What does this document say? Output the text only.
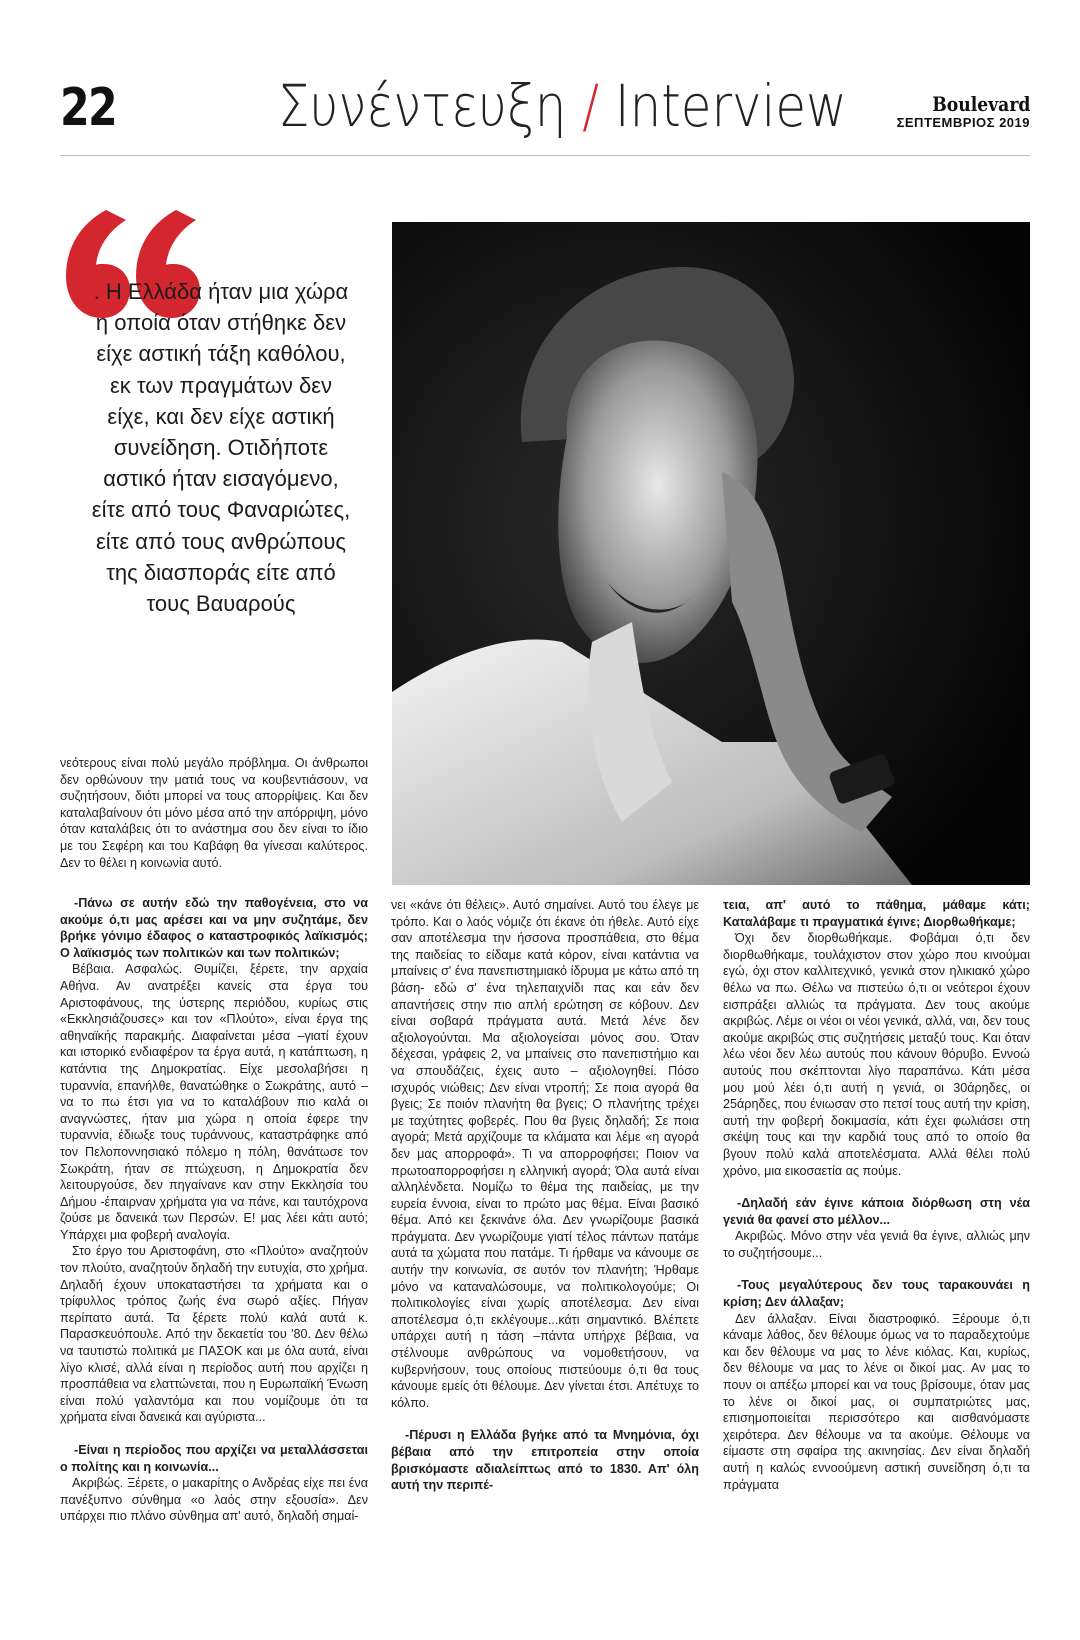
22	Συνέντευξη / Interview	Boulevard
ΣΕΠΤΕΜΒΡΙΟΣ 2019
. Η Ελλάδα ήταν μια χώρα η οποία όταν στήθηκε δεν είχε αστική τάξη καθόλου, εκ των πραγμάτων δεν είχε, και δεν είχε αστική συνείδηση. Οτιδήποτε αστικό ήταν εισαγόμενο, είτε από τους Φαναριώτες, είτε από τους ανθρώπους της διασποράς είτε από τους Βαυαρούς

νεότερους είναι πολύ μεγάλο πρόβλημα. Οι άνθρωποι δεν ορθώνουν την ματιά τους να κουβεντιάσουν, να συζητήσουν, διότι μπορεί να τους απορρίψεις. Και δεν καταλαβαίνουν ότι μόνο μέσα από την απόρριψη, μόνο όταν καταλάβεις ότι το ανάστημα σου δεν είναι το ίδιο με του Σεφέρη και του Καβάφη θα γίνεσαι καλύτερος. Δεν το θέλει η κοινωνία αυτό.

-Πάνω σε αυτήν εδώ την παθογένεια, στο να ακούμε ό,τι μας αρέσει και να μην συζητάμε, δεν βρήκε γόνιμο έδαφος ο καταστροφικός λαϊκισμός; Ο λαϊκισμός των πολιτικών και των πολιτικών;

Βέβαια. Ασφαλώς. Θυμίζει, ξέρετε, την αρχαία Αθήνα. Αν ανατρέξει κανείς στα έργα του Αριστοφάνους, της ύστερης περιόδου, κυρίως στις «Εκκλησιάζουσες» και τον «Πλούτο», είναι έργα της αθηναϊκής παρακμής. Διαφαίνεται μέσα –γιατί έχουν και ιστορικό ενδιαφέρον τα έργα αυτά, η κατάπτωση, η κατάντια της Δημοκρατίας. Είχε μεσολαβήσει η τυραννία, επανήλθε, θανατώθηκε ο Σωκράτης, αυτό –να το πω έτσι για να το καταλάβουν πιο καλά οι αναγνώστες, ήταν μια χώρα η οποία έφερε την τυραννία, έδιωξε τους τυράννους, καταστράφηκε από τον Πελοποννησιακό πόλεμο η πόλη, θανάτωσε τον Σωκράτη, ήταν σε πτώχευση, η Δημοκρατία δεν λειτουργούσε, δεν πηγαίνανε καν στην Εκκλησία του Δήμου -έπαιρναν χρήματα για να πάνε, και ταυτόχρονα ζούσε με δανεικά των Περσών. Ε! μας λέει κάτι αυτό; Υπάρχει μια φοβερή αναλογία.

Στο έργο του Αριστοφάνη, στο «Πλούτο» αναζητούν τον πλούτο, αναζητούν δηλαδή την ευτυχία, στο χρήμα. Δηλαδή έχουν υποκαταστήσει τα χρήματα και ο τρίφυλλος τρόπος ζωής ένα σωρό αξίες. Πήγαν περίπατο αυτά. Τα ξέρετε πολύ καλά αυτά κ. Παρασκευόπουλε. Από την δεκαετία του '80. Δεν θέλω να ταυτιστώ πολιτικά με ΠΑΣΟΚ και με όλα αυτά, είναι λίγο κλισέ, αλλά είναι η περίοδος αυτή που αρχίζει η προσπάθεια να ελαττώνεται, που η Ευρωπαϊκή Ένωση είναι πολύ γαλαντόμα και που νομίζουμε ότι τα χρήματα είναι δανεικά και αγύριστα...

-Είναι η περίοδος που αρχίζει να μεταλλάσσεται ο πολίτης και η κοινωνία...

Ακριβώς. Ξέρετε, ο μακαρίτης ο Ανδρέας είχε πει ένα πανέξυπνο σύνθημα «ο λαός στην εξουσία». Δεν υπάρχει πιο πλάνο σύνθημα απ' αυτό, δηλαδή σημαί-

νει «κάνε ότι θέλεις». Αυτό σημαίνει. Αυτό του έλεγε με τρόπο. Και ο λαός νόμιζε ότι έκανε ότι ήθελε. Αυτό είχε σαν αποτέλεσμα την ήσσονα προσπάθεια, στο θέμα της παιδείας το είδαμε κατά κόρον, είναι κατάντια να μπαίνεις σ' ένα πανεπιστημιακό ίδρυμα με κάτω από τη βάση- εδώ σ' ένα τηλεπαιχνίδι πας και εάν δεν απαντήσεις στην πιο απλή ερώτηση σε κόβουν. Δεν είναι σοβαρά πράγματα αυτά. Μετά λένε δεν αξιολογούνται. Μα αξιολογείσαι μόνος σου. Όταν δέχεσαι, γράφεις 2, να μπαίνεις στο πανεπιστήμιο και να σπουδάζεις, έχεις αυτο – αξιολογηθεί. Πόσο ισχυρός νιώθεις; Δεν είναι ντροπή; Σε ποια αγορά θα βγεις; Σε ποιόν πλανήτη θα βγεις; Ο πλανήτης τρέχει με ταχύτητες φοβερές. Που θα βγεις δηλαδή; Σε ποια αγορά; Μετά αρχίζουμε τα κλάματα και λέμε «η αγορά δεν μας απορροφά». Τι να απορροφήσει; Ποιον να πρωτοαπορροφήσει η ελληνική αγορά; Όλα αυτά είναι αλληλένδετα. Νομίζω το θέμα της παιδείας, με την ευρεία έννοια, είναι το πρώτο μας θέμα. Είναι βασικό θέμα. Από κει ξεκινάνε όλα. Δεν γνωρίζουμε βασικά πράγματα. Δεν γνωρίζουμε γιατί τέλος πάντων πατάμε αυτά τα χώματα που πατάμε. Τι ήρθαμε να κάνουμε σε αυτήν την κοινωνία, σε αυτόν τον πλανήτη; Ήρθαμε μόνο να καταναλώσουμε, να πολιτικολογούμε; Οι πολιτικολογίες είναι χωρίς αποτέλεσμα. Δεν είναι αποτέλεσμα ό,τι εκλέγουμε...κάτι σημαντικό. Βλέπετε υπάρχει αυτή η τάση –πάντα υπήρχε βέβαια, να στέλνουμε ανθρώπους να νομοθετήσουν, να κυβερνήσουν, τους οποίους πιστεύουμε ό,τι θα τους κάνουμε εμείς ότι θέλουμε. Δεν γίνεται έτσι. Απέτυχε το κόλπο.

-Πέρυσι η Ελλάδα βγήκε από τα Μνημόνια, όχι βέβαια από την επιτροπεία στην οποία βρισκόμαστε αδιαλείπτως από το 1830. Απ' όλη αυτή την περιπέ-

τεια, απ' αυτό το πάθημα, μάθαμε κάτι; Καταλάβαμε τι πραγματικά έγινε; Διορθωθήκαμε;

Όχι δεν διορθωθήκαμε. Φοβάμαι ό,τι δεν διορθωθήκαμε, τουλάχιστον στον χώρο που κινούμαι εγώ, όχι στον καλλιτεχνικό, γενικά στον ηλικιακό χώρο θέλω να πω. Θέλω να πιστεύω ό,τι οι νεότεροι έχουν εισπράξει αλλιώς τα πράγματα. Δεν τους ακούμε ακριβώς. Λέμε οι νέοι οι νέοι γενικά, αλλά, ναι, δεν τους ακούμε ακριβώς στις συζητήσεις μεταξύ τους. Και όταν λέω νέοι δεν λέω αυτούς που κάνουν θόρυβο. Εννοώ αυτούς που σκέπτονται λίγο παραπάνω. Κάτι μέσα μου μού λέει ό,τι αυτή η γενιά, οι 30άρηδες, οι 25άρηδες, που ένιωσαν στο πετσί τους αυτή την κρίση, αυτή την φοβερή δοκιμασία, κάτι έχει φωλιάσει στη σκέψη τους και την καρδιά τους από το οποίο θα βγουν πολύ καλά αποτελέσματα. Αλλά θέλει πολύ χρόνο, μια εικοσαετία ας πούμε.

-Δηλαδή εάν έγινε κάποια διόρθωση στη νέα γενιά θα φανεί στο μέλλον...

Ακριβώς. Μόνο στην νέα γενιά θα έγινε, αλλιώς μην το συζητήσουμε...

-Τους μεγαλύτερους δεν τους ταρακουνάει η κρίση; Δεν άλλαξαν;

Δεν άλλαξαν. Είναι διαστροφικό. Ξέρουμε ό,τι κάναμε λάθος, δεν θέλουμε όμως να το παραδεχτούμε και δεν θέλουμε να μας το λένε κιόλας. Και, κυρίως, δεν θέλουμε να μας το λένε οι δικοί μας. Αν μας το πουν οι απέξω μπορεί και να τους βρίσουμε, όταν μας το λένε οι δικοί μας, οι συμπατριώτες μας, επισημοποιείται περισσότερο και αισθανόμαστε χειρότερα. Δεν θέλουμε να τα ακούμε. Θέλουμε να είμαστε στη σφαίρα της ακινησίας. Δεν είναι δηλαδή αυτή η καλώς εννοούμενη αστική συνείδηση ό,τι τα πράγματα
